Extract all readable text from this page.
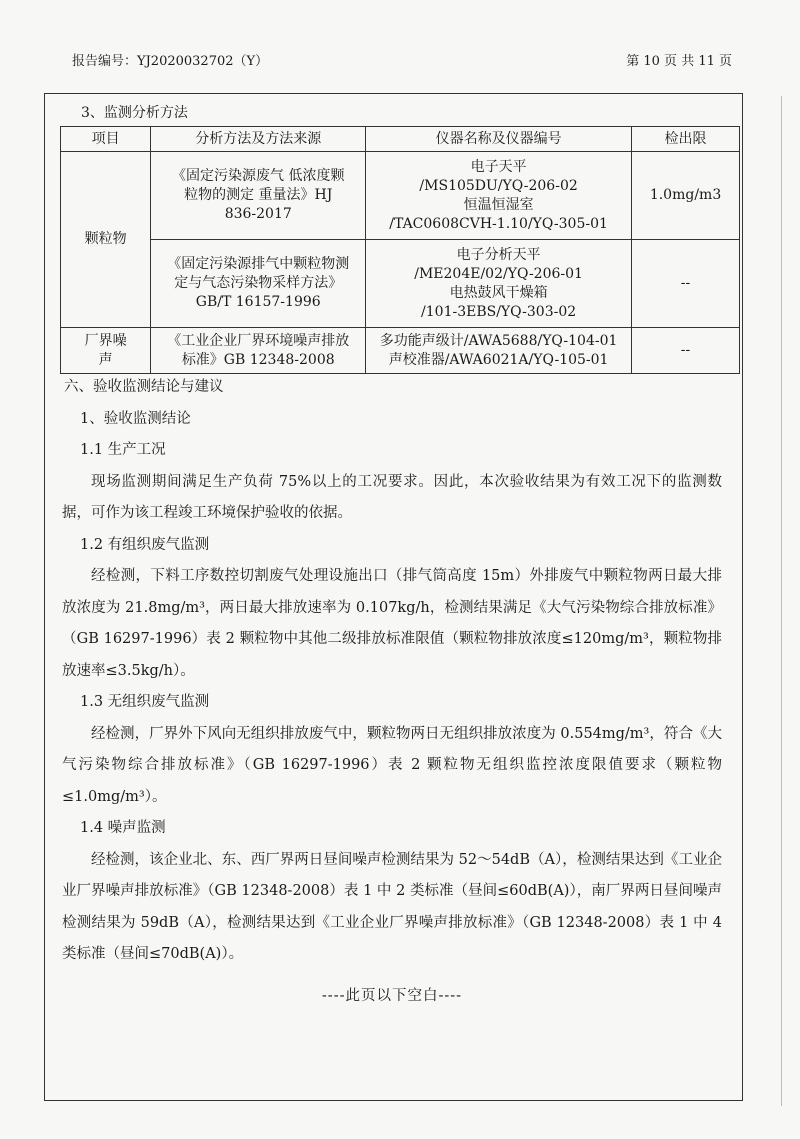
报告编号：YJ2020032702（Y）	第 10 页 共 11 页
3、监测分析方法
项目	分析方法及方法来源	仪器名称及仪器编号	检出限
颗粒物	《固定污染源废气 低浓度颗
粒物的测定 重量法》HJ
836-2017	电子天平
/MS105DU/YQ-206-02
恒温恒湿室
/TAC0608CVH-1.10/YQ-305-01	1.0mg/m3

	《固定污染源排气中颗粒物测
定与气态污染物采样方法》
GB/T 16157-1996	电子分析天平
/ME204E/02/YQ-206-01
电热鼓风干燥箱
/101-3EBS/YQ-303-02	--

厂界噪
声	《工业企业厂界环境噪声排放
标准》GB 12348-2008	多功能声级计/AWA5688/YQ-104-01
声校准器/AWA6021A/YQ-105-01	--

六、验收监测结论与建议

1、验收监测结论

1.1 生产工况

现场监测期间满足生产负荷 75%以上的工况要求。因此，本次验收结果为有效工况下的监测数据，可作为该工程竣工环境保护验收的依据。

1.2 有组织废气监测

经检测，下料工序数控切割废气处理设施出口（排气筒高度 15m）外排废气中颗粒物两日最大排放浓度为 21.8mg/m³，两日最大排放速率为 0.107kg/h，检测结果满足《大气污染物综合排放标准》（GB 16297-1996）表 2 颗粒物中其他二级排放标准限值（颗粒物排放浓度≤120mg/m³，颗粒物排放速率≤3.5kg/h）。

1.3 无组织废气监测

经检测，厂界外下风向无组织排放废气中，颗粒物两日无组织排放浓度为 0.554mg/m³，符合《大气污染物综合排放标准》（GB 16297-1996）表 2 颗粒物无组织监控浓度限值要求（颗粒物≤1.0mg/m³）。

1.4 噪声监测

经检测，该企业北、东、西厂界两日昼间噪声检测结果为 52～54dB（A），检测结果达到《工业企业厂界噪声排放标准》（GB 12348-2008）表 1 中 2 类标准（昼间≤60dB(A)），南厂界两日昼间噪声检测结果为 59dB（A），检测结果达到《工业企业厂界噪声排放标准》（GB 12348-2008）表 1 中 4 类标准（昼间≤70dB(A)）。

----此页以下空白----
